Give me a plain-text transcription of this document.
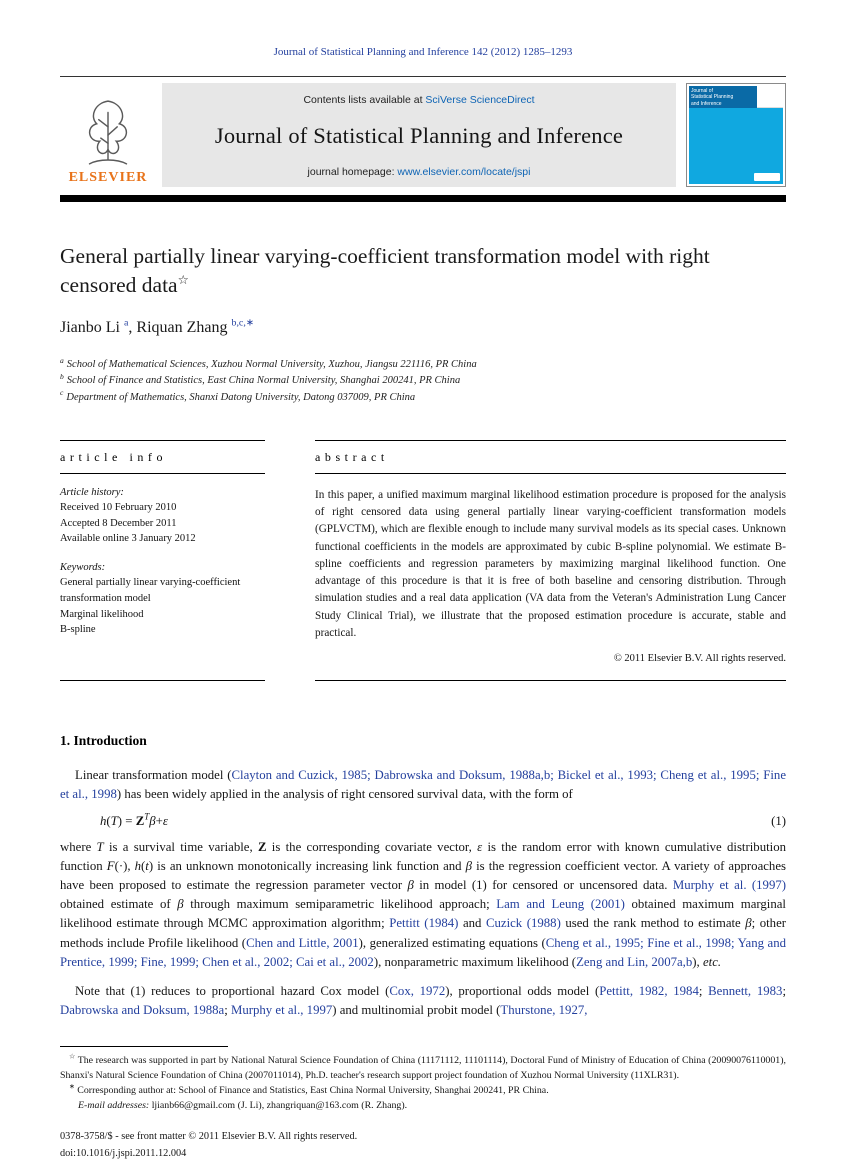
Journal of Statistical Planning and Inference 142 (2012) 1285–1293
ELSEVIER
Contents lists available at SciVerse ScienceDirect
Journal of Statistical Planning and Inference
journal homepage: www.elsevier.com/locate/jspi
Journal of
Statistical Planning
and Inference
General partially linear varying-coefficient transformation model with right censored data☆
Jianbo Li $^a$, Riquan Zhang $^{b,c,∗}$
$^a$ School of Mathematical Sciences, Xuzhou Normal University, Xuzhou, Jiangsu 221116, PR China
$^b$ School of Finance and Statistics, East China Normal University, Shanghai 200241, PR China
$^c$ Department of Mathematics, Shanxi Datong University, Datong 037009, PR China
article info
Article history:
Received 10 February 2010
Accepted 8 December 2011
Available online 3 January 2012
Keywords:
General partially linear varying-coefficient transformation model
Marginal likelihood
B-spline
abstract
In this paper, a unified maximum marginal likelihood estimation procedure is proposed for the analysis of right censored data using general partially linear varying-coefficient transformation models (GPLVCTM), which are flexible enough to include many survival models as its special cases. Unknown functional coefficients in the models are approximated by cubic B-spline polynomial. We estimate B-spline coefficients and regression parameters by maximizing marginal likelihood function. One advantage of this procedure is that it is free of both baseline and censoring distribution. Through simulation studies and a real data application (VA data from the Veteran's Administration Lung Cancer Study Clinical Trial), we illustrate that the proposed estimation procedure is accurate, stable and practical.
© 2011 Elsevier B.V. All rights reserved.
1. Introduction

Linear transformation model (Clayton and Cuzick, 1985; Dabrowska and Doksum, 1988a,b; Bickel et al., 1993; Cheng et al., 1995; Fine et al., 1998) has been widely applied in the analysis of right censored survival data, with the form of

$h(T) = Z^T\beta+\varepsilon$	(1)

where T is a survival time variable, Z is the corresponding covariate vector, ε is the random error with known cumulative distribution function F(·), h(t) is an unknown monotonically increasing link function and β is the regression coefficient vector. A variety of approaches have been proposed to estimate the regression parameter vector β in model (1) for censored or uncensored data. Murphy et al. (1997) obtained estimate of β through maximum semiparametric likelihood approach; Lam and Leung (2001) obtained maximum marginal likelihood estimate through MCMC approximation algorithm; Pettitt (1984) and Cuzick (1988) used the rank method to estimate β; other methods include Profile likelihood (Chen and Little, 2001), generalized estimating equations (Cheng et al., 1995; Fine et al., 1998; Yang and Prentice, 1999; Fine, 1999; Chen et al., 2002; Cai et al., 2002), nonparametric maximum likelihood (Zeng and Lin, 2007a,b), etc.

Note that (1) reduces to proportional hazard Cox model (Cox, 1972), proportional odds model (Pettitt, 1982, 1984; Bennett, 1983; Dabrowska and Doksum, 1988a; Murphy et al., 1997) and multinomial probit model (Thurstone, 1927,

☆ The research was supported in part by National Natural Science Foundation of China (11171112, 11101114), Doctoral Fund of Ministry of Education of China (20090076110001), Shanxi's Natural Science Foundation of China (2007011014), Ph.D. teacher's research support project foundation of Xuzhou Normal University (11XLR31).

∗ Corresponding author at: School of Finance and Statistics, East China Normal University, Shanghai 200241, PR China.

E-mail addresses: ljianb66@gmail.com (J. Li), zhangriquan@163.com (R. Zhang).

0378-3758/$ - see front matter © 2011 Elsevier B.V. All rights reserved.
doi:10.1016/j.jspi.2011.12.004
